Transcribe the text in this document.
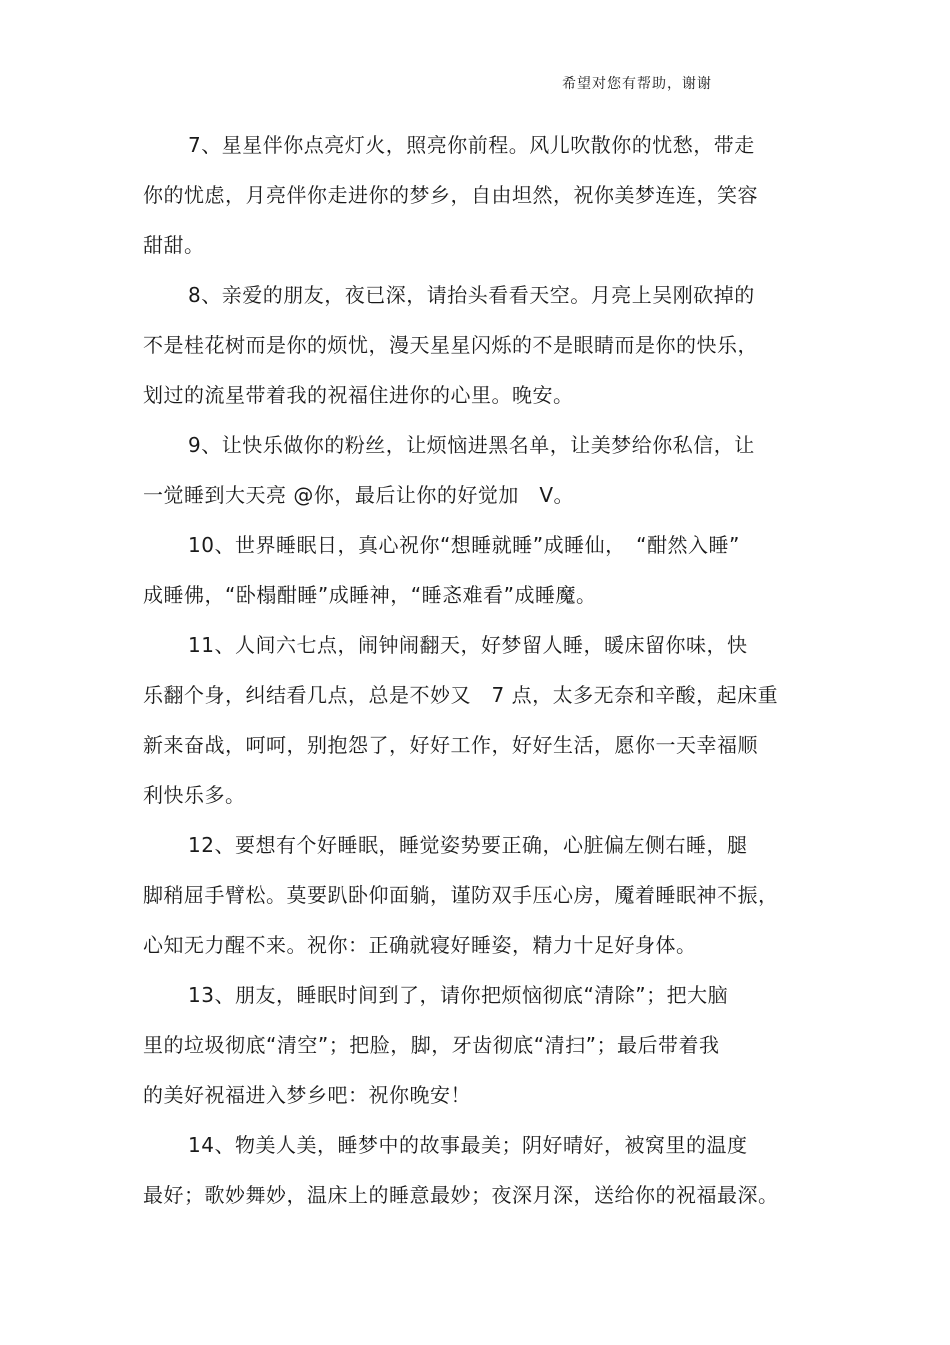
希望对您有帮助，谢谢
7、星星伴你点亮灯火，照亮你前程。风儿吹散你的忧愁，带走
你的忧虑，月亮伴你走进你的梦乡，自由坦然，祝你美梦连连，笑容
甜甜。
8、亲爱的朋友，夜已深，请抬头看看天空。月亮上吴刚砍掉的
不是桂花树而是你的烦忧，漫天星星闪烁的不是眼睛而是你的快乐，
划过的流星带着我的祝福住进你的心里。晚安。
9、让快乐做你的粉丝，让烦恼进黑名单，让美梦给你私信，让
一觉睡到大天亮 @你，最后让你的好觉加　V。
10、世界睡眠日，真心祝你“想睡就睡”成睡仙，　“酣然入睡”
成睡佛，“卧榻酣睡”成睡神，“睡忞难看”成睡魔。
11、人间六七点，闹钟闹翻天，好梦留人睡，暖床留你味，快
乐翻个身，纠结看几点，总是不妙又　7 点，太多无奈和辛酸，起床重
新来奋战，呵呵，别抱怨了，好好工作，好好生活，愿你一天幸福顺
利快乐多。
12、要想有个好睡眠，睡觉姿势要正确，心脏偏左侧右睡，腿
脚稍屈手臂松。莫要趴卧仰面躺，谨防双手压心房，魇着睡眠神不振，
心知无力醒不来。祝你：正确就寝好睡姿，精力十足好身体。
13、朋友，睡眠时间到了，请你把烦恼彻底“清除”；把大脑
里的垃圾彻底“清空”；把脸，脚，牙齿彻底“清扫”；最后带着我
的美好祝福进入梦乡吧：祝你晚安！
14、物美人美，睡梦中的故事最美；阴好晴好，被窝里的温度
最好；歌妙舞妙，温床上的睡意最妙；夜深月深，送给你的祝福最深。
